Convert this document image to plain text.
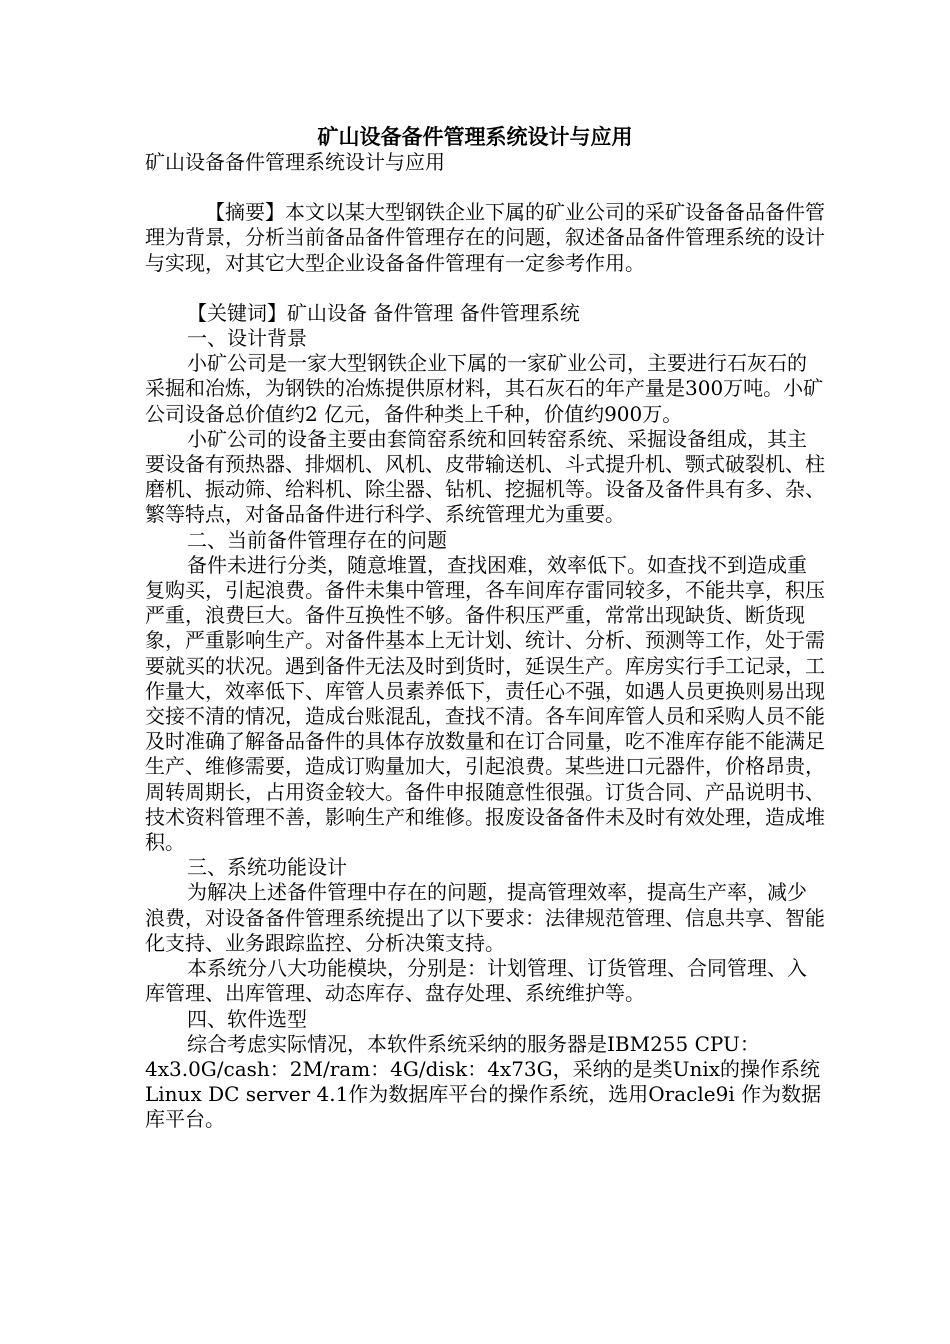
矿山设备备件管理系统设计与应用

矿山设备备件管理系统设计与应用

【摘要】本文以某大型钢铁企业下属的矿业公司的采矿设备备品备件管理为背景，分析当前备品备件管理存在的问题，叙述备品备件管理系统的设计与实现，对其它大型企业设备备件管理有一定参考作用。

【关键词】矿山设备 备件管理 备件管理系统

一、设计背景

小矿公司是一家大型钢铁企业下属的一家矿业公司，主要进行石灰石的采掘和冶炼，为钢铁的冶炼提供原材料，其石灰石的年产量是300万吨。小矿公司设备总价值约2 亿元，备件种类上千种，价值约900万。

小矿公司的设备主要由套筒窑系统和回转窑系统、采掘设备组成，其主要设备有预热器、排烟机、风机、皮带输送机、斗式提升机、颚式破裂机、柱磨机、振动筛、给料机、除尘器、钻机、挖掘机等。设备及备件具有多、杂、繁等特点，对备品备件进行科学、系统管理尤为重要。

二、当前备件管理存在的问题

备件未进行分类，随意堆置，查找困难，效率低下。如查找不到造成重复购买，引起浪费。备件未集中管理，各车间库存雷同较多，不能共享，积压严重，浪费巨大。备件互换性不够。备件积压严重，常常出现缺货、断货现象，严重影响生产。对备件基本上无计划、统计、分析、预测等工作，处于需要就买的状况。遇到备件无法及时到货时，延误生产。库房实行手工记录，工作量大，效率低下、库管人员素养低下，责任心不强，如遇人员更换则易出现交接不清的情况，造成台账混乱，查找不清。各车间库管人员和采购人员不能及时准确了解备品备件的具体存放数量和在订合同量，吃不准库存能不能满足生产、维修需要，造成订购量加大，引起浪费。某些进口元器件，价格昂贵，周转周期长，占用资金较大。备件申报随意性很强。订货合同、产品说明书、技术资料管理不善，影响生产和维修。报废设备备件未及时有效处理，造成堆积。

三、系统功能设计

为解决上述备件管理中存在的问题，提高管理效率，提高生产率，减少浪费，对设备备件管理系统提出了以下要求：法律规范管理、信息共享、智能化支持、业务跟踪监控、分析决策支持。

本系统分八大功能模块，分别是：计划管理、订货管理、合同管理、入库管理、出库管理、动态库存、盘存处理、系统维护等。

四、软件选型

综合考虑实际情况，本软件系统采纳的服务器是IBM255 CPU：4x3.0G/cash：2M/ram：4G/disk：4x73G，采纳的是类Unix的操作系统Linux DC server 4.1作为数据库平台的操作系统，选用Oracle9i 作为数据库平台。
